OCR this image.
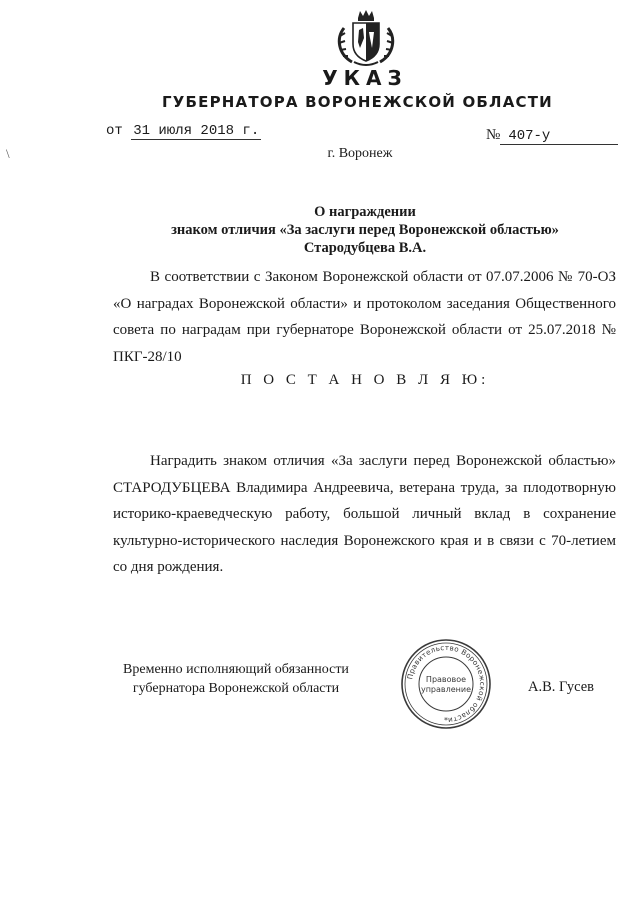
УКАЗ
ГУБЕРНАТОРА ВОРОНЕЖСКОЙ ОБЛАСТИ
от 31 июля 2018 г.	№ 407-у
\	г. Воронеж
О награждении
знаком отличия «За заслуги перед Воронежской областью»
Стародубцева В.А.
В соответствии с Законом Воронежской области от 07.07.2006 № 70-ОЗ «О наградах Воронежской области» и протоколом заседания Общественного совета по наградам при губернаторе Воронежской области от 25.07.2018 № ПКГ-28/10
П О С Т А Н О В Л Я Ю:
Наградить знаком отличия «За заслуги перед Воронежской областью» СТАРОДУБЦЕВА Владимира Андреевича, ветерана труда, за плодотворную историко-краеведческую работу, большой личный вклад в сохранение культурно-исторического наследия Воронежского края и в связи с 70-летием со дня рождения.
Временно исполняющий обязанности
губернатора Воронежской области
Правительство Воронежской области
Правовое
управление
*
А.В. Гусев
